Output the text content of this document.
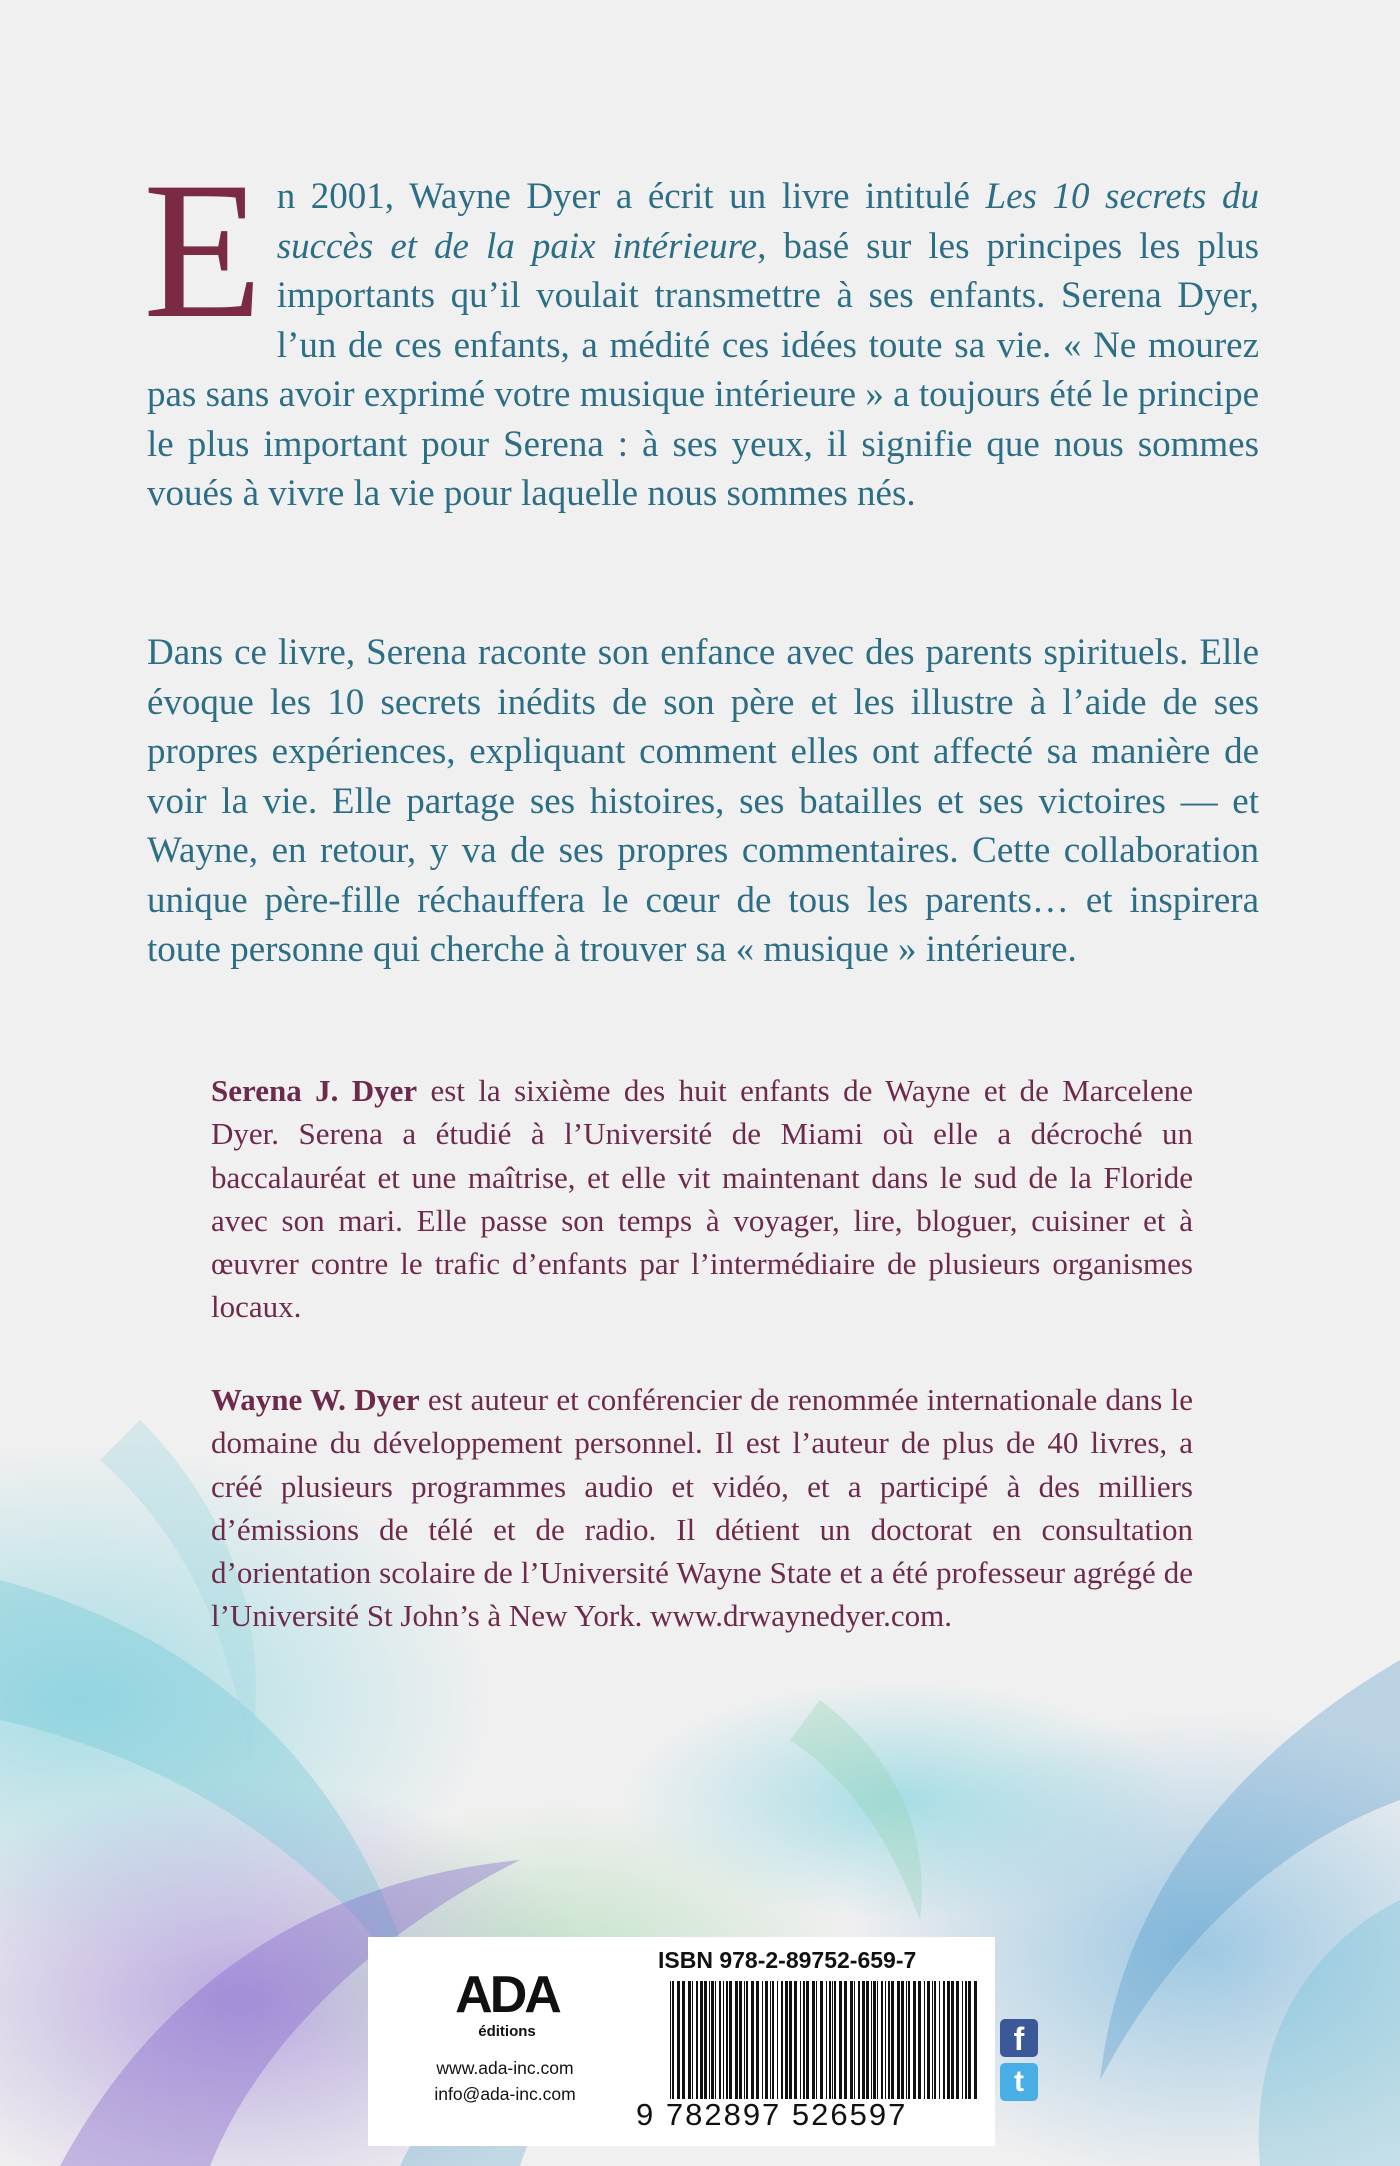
En 2001, Wayne Dyer a écrit un livre intitulé Les 10 secrets du succès et de la paix intérieure, basé sur les principes les plus importants qu’il voulait transmettre à ses enfants. Serena Dyer, l’un de ces enfants, a médité ces idées toute sa vie. « Ne mourez pas sans avoir exprimé votre musique intérieure » a toujours été le principe le plus important pour Serena : à ses yeux, il signifie que nous sommes voués à vivre la vie pour laquelle nous sommes nés.

Dans ce livre, Serena raconte son enfance avec des parents spirituels. Elle évoque les 10 secrets inédits de son père et les illustre à l’aide de ses propres expériences, expliquant comment elles ont affecté sa manière de voir la vie. Elle partage ses histoires, ses batailles et ses victoires — et Wayne, en retour, y va de ses propres commentaires. Cette collaboration unique père-fille réchauffera le cœur de tous les parents… et inspirera toute personne qui cherche à trouver sa « musique » intérieure.

Serena J. Dyer est la sixième des huit enfants de Wayne et de Marcelene Dyer. Serena a étudié à l’Université de Miami où elle a décroché un baccalauréat et une maîtrise, et elle vit maintenant dans le sud de la Floride avec son mari. Elle passe son temps à voyager, lire, bloguer, cuisiner et à œuvrer contre le trafic d’enfants par l’intermédiaire de plusieurs organismes locaux.

Wayne W. Dyer est auteur et conférencier de renommée internationale dans le domaine du développement personnel. Il est l’auteur de plus de 40 livres, a créé plusieurs programmes audio et vidéo, et a participé à des milliers d’émissions de télé et de radio. Il détient un doctorat en consultation d’orientation scolaire de l’Université Wayne State et a été professeur agrégé de l’Université St John’s à New York. www.drwaynedyer.com.

ADA
éditions
www.ada-inc.com
info@ada-inc.com
ISBN 978-2-89752-659-7
9 782897 526597
f
t
